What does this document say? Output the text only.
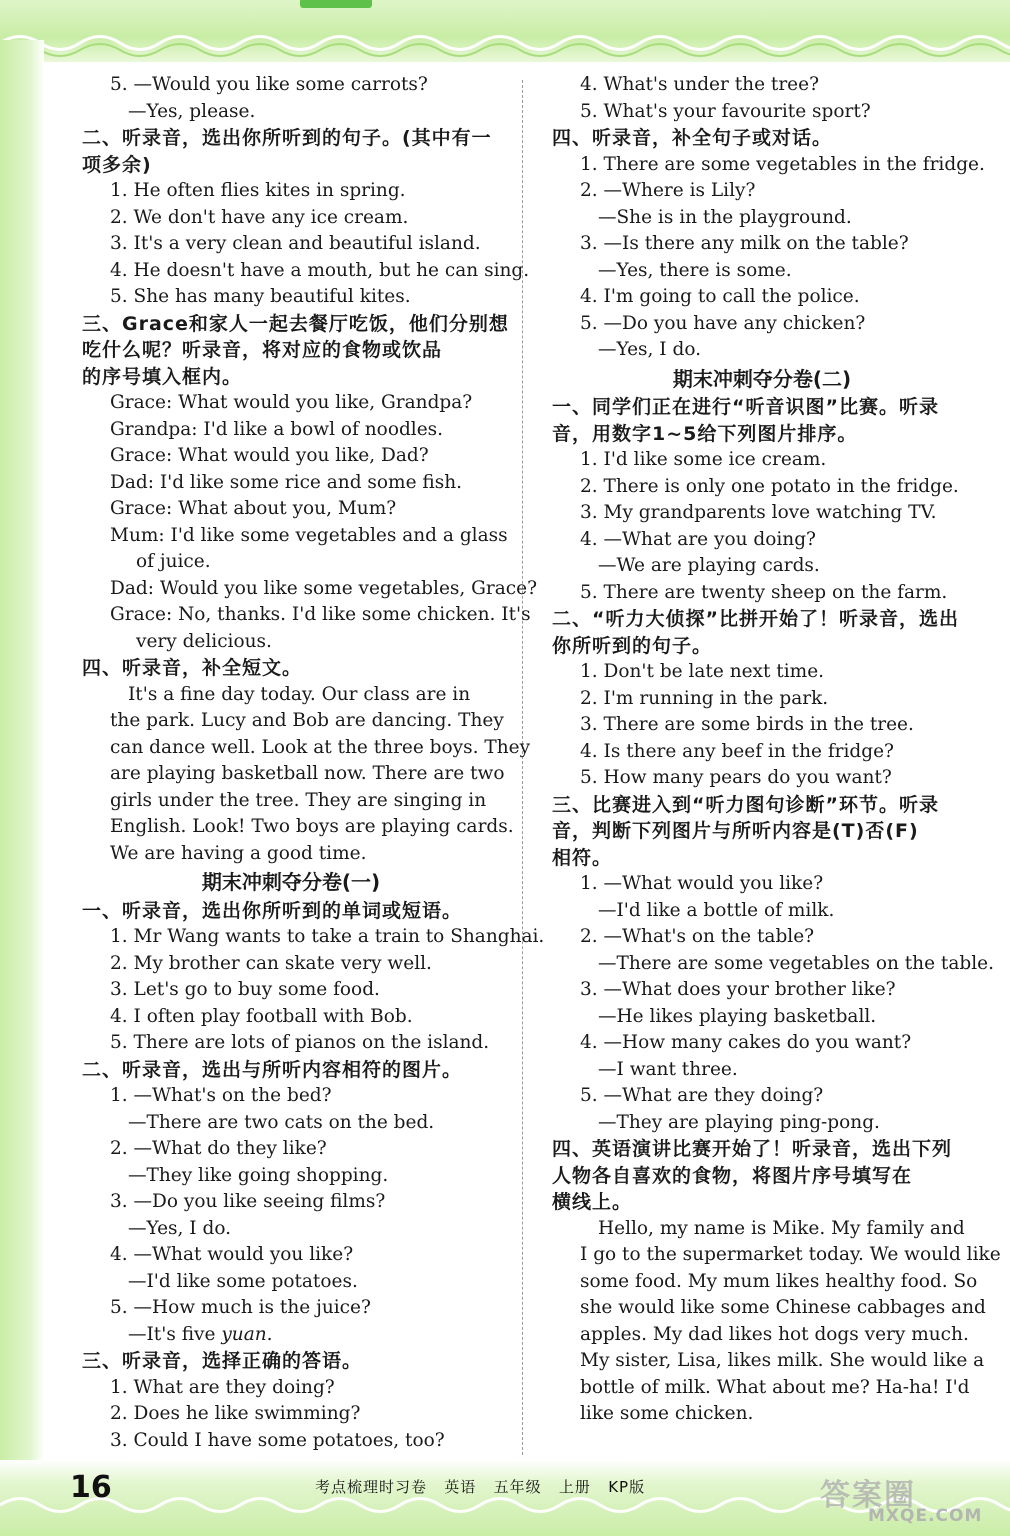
5. —Would you like some carrots?
—Yes, please.
二、听录音，选出你所听到的句子。(其中有一
项多余)
1. He often flies kites in spring.
2. We don't have any ice cream.
3. It's a very clean and beautiful island.
4. He doesn't have a mouth, but he can sing.
5. She has many beautiful kites.
三、Grace和家人一起去餐厅吃饭，他们分别想
吃什么呢？听录音，将对应的食物或饮品
的序号填入框内。
Grace: What would you like, Grandpa?
Grandpa: I'd like a bowl of noodles.
Grace: What would you like, Dad?
Dad: I'd like some rice and some fish.
Grace: What about you, Mum?
Mum: I'd like some vegetables and a glass
of juice.
Dad: Would you like some vegetables, Grace?
Grace: No, thanks. I'd like some chicken. It's
very delicious.
四、听录音，补全短文。
It's a fine day today. Our class are in
the park. Lucy and Bob are dancing. They
can dance well. Look at the three boys. They
are playing basketball now. There are two
girls under the tree. They are singing in
English. Look! Two boys are playing cards.
We are having a good time.
期末冲刺夺分卷(一)
一、听录音，选出你所听到的单词或短语。
1. Mr Wang wants to take a train to Shanghai.
2. My brother can skate very well.
3. Let's go to buy some food.
4. I often play football with Bob.
5. There are lots of pianos on the island.
二、听录音，选出与所听内容相符的图片。
1. —What's on the bed?
—There are two cats on the bed.
2. —What do they like?
—They like going shopping.
3. —Do you like seeing films?
—Yes, I do.
4. —What would you like?
—I'd like some potatoes.
5. —How much is the juice?
—It's five yuan.
三、听录音，选择正确的答语。
1. What are they doing?
2. Does he like swimming?
3. Could I have some potatoes, too?
4. What's under the tree?
5. What's your favourite sport?
四、听录音，补全句子或对话。
1. There are some vegetables in the fridge.
2. —Where is Lily?
—She is in the playground.
3. —Is there any milk on the table?
—Yes, there is some.
4. I'm going to call the police.
5. —Do you have any chicken?
—Yes, I do.
期末冲刺夺分卷(二)
一、同学们正在进行“听音识图”比赛。听录
音，用数字1~5给下列图片排序。
1. I'd like some ice cream.
2. There is only one potato in the fridge.
3. My grandparents love watching TV.
4. —What are you doing?
—We are playing cards.
5. There are twenty sheep on the farm.
二、“听力大侦探”比拼开始了！听录音，选出
你所听到的句子。
1. Don't be late next time.
2. I'm running in the park.
3. There are some birds in the tree.
4. Is there any beef in the fridge?
5. How many pears do you want?
三、比赛进入到“听力图句诊断”环节。听录
音，判断下列图片与所听内容是(T)否(F)
相符。
1. —What would you like?
—I'd like a bottle of milk.
2. —What's on the table?
—There are some vegetables on the table.
3. —What does your brother like?
—He likes playing basketball.
4. —How many cakes do you want?
—I want three.
5. —What are they doing?
—They are playing ping-pong.
四、英语演讲比赛开始了！听录音，选出下列
人物各自喜欢的食物，将图片序号填写在
横线上。
Hello, my name is Mike. My family and
I go to the supermarket today. We would like
some food. My mum likes healthy food. So
she would like some Chinese cabbages and
apples. My dad likes hot dogs very much.
My sister, Lisa, likes milk. She would like a
bottle of milk. What about me? Ha-ha! I'd
like some chicken.
16	考点梳理时习卷   英语   五年级   上册   KP版	答案圈
MXQE.COM
